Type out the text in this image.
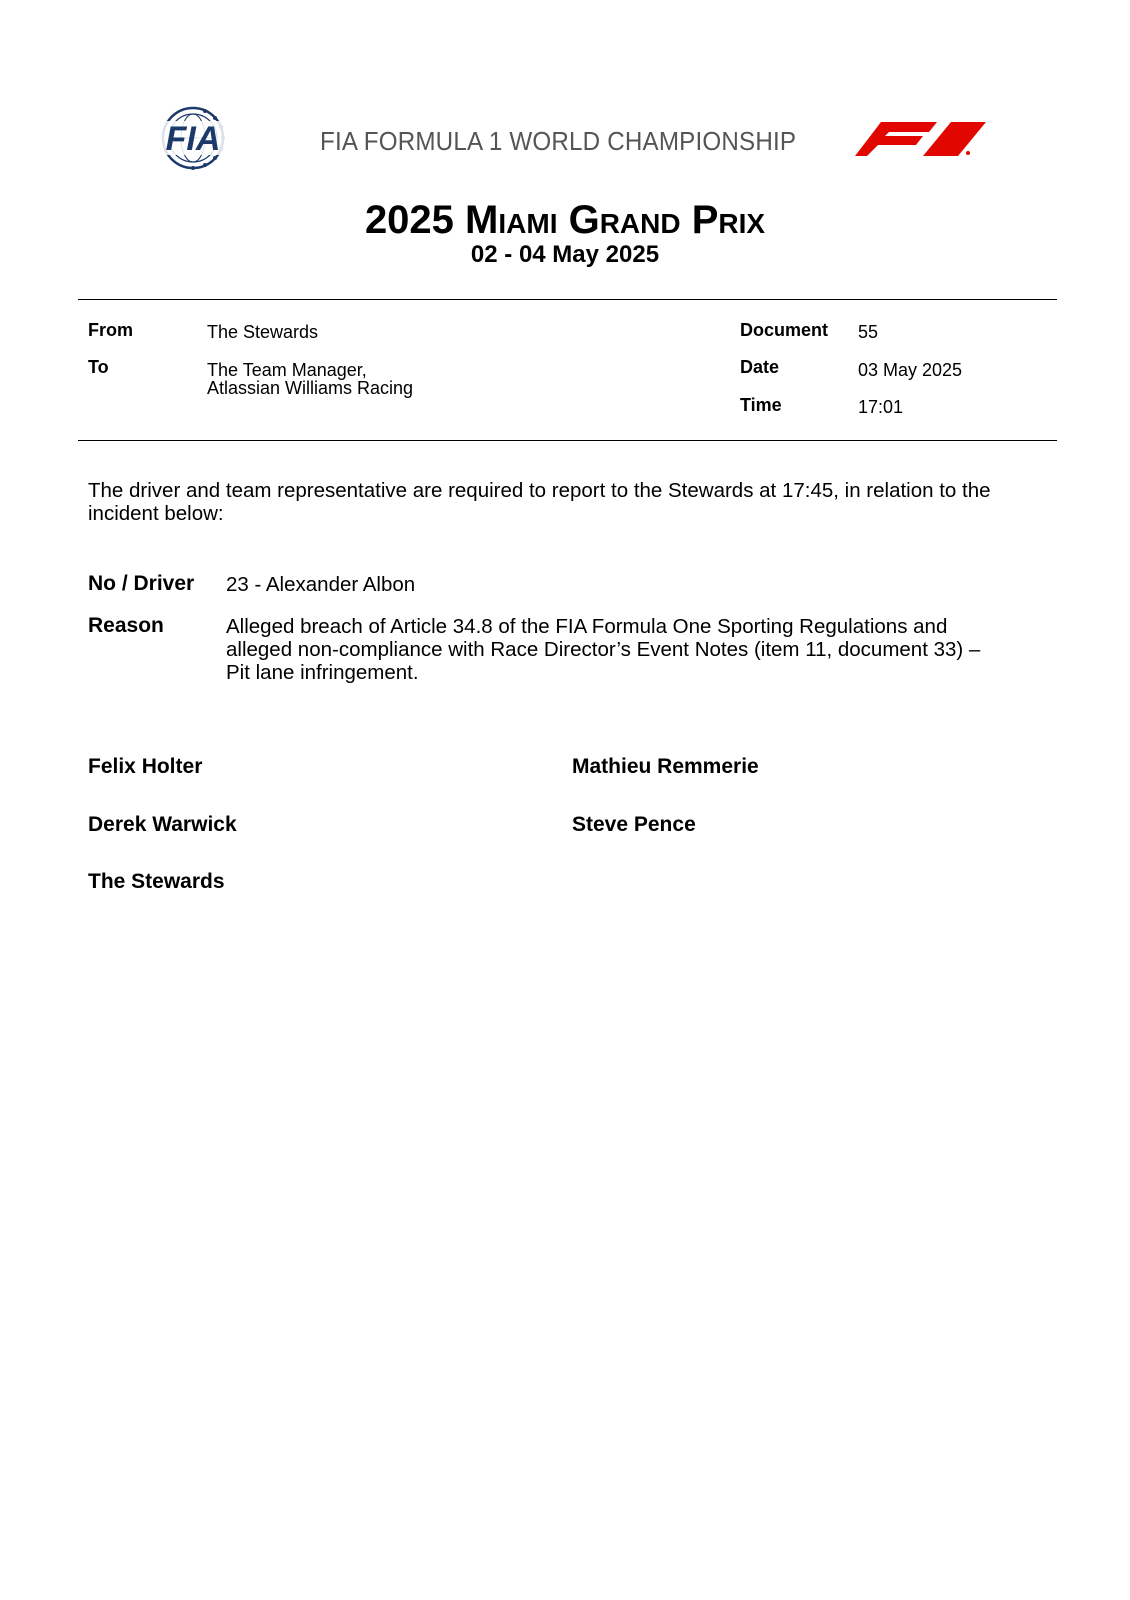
FIA	FIA FORMULA 1 WORLD CHAMPIONSHIP
F1
2025 Miami Grand Prix
02 - 04 May 2025
From	The Stewards
To	The Team Manager,
Atlassian Williams Racing
Document 55
Date	03 May 2025
Time	17:01
The driver and team representative are required to report to the Stewards at 17:45, in relation to the incident below:
No / Driver 23 - Alexander Albon
Reason	Alleged breach of Article 34.8 of the FIA Formula One Sporting Regulations and
alleged non-compliance with Race Director’s Event Notes (item 11, document 33) –
Pit lane infringement.
Felix Holter	Mathieu Remmerie
Derek Warwick	Steve Pence
The Stewards
